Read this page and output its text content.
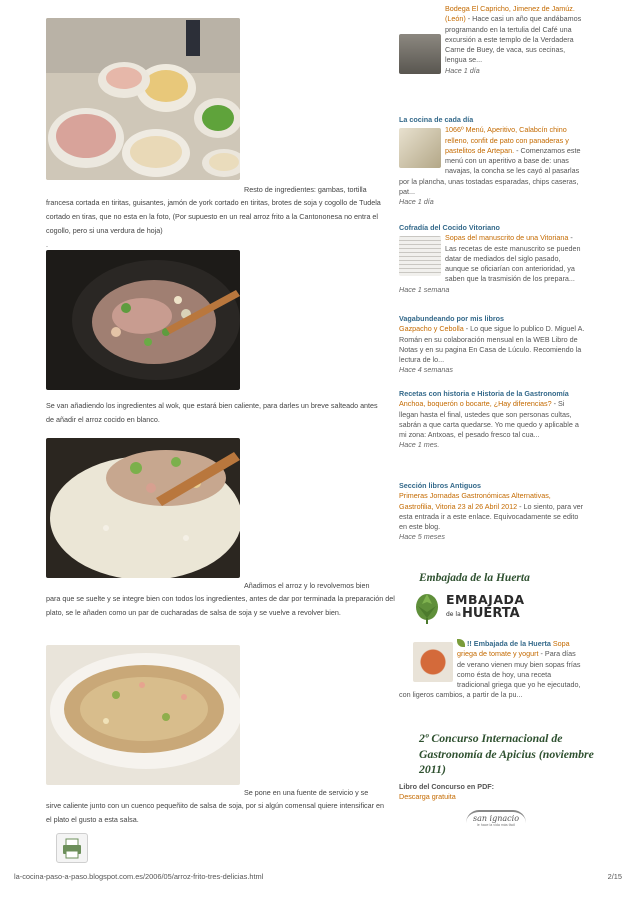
Resto de ingredientes: gambas, tortilla
francesa cortada en tiritas, guisantes, jamón de york cortado en tiritas, brotes de soja y cogollo de Tudela cortado en tiras, que no esta en la foto, (Por supuesto en un real arroz frito a la Cantononesa no entra el cogollo, pero si una verdura de hoja)
.
Se van añadiendo los ingredientes al wok, que estará bien caliente, para darles un breve salteado antes de añadir el arroz cocido en blanco.
Añadimos el arroz y lo revolvemos bien
para que se suelte y se integre bien con todos los ingredientes, antes de dar por terminada la preparación del plato, se le añaden como un par de cucharadas de salsa de soja y se vuelve a revolver bien.
Se pone en una fuente de servicio y se
sirve caliente junto con un cuenco pequeñito de salsa de soja, por si algún comensal quiere intensificar en el plato el gusto a esta salsa.
Bodega El Capricho, Jimenez de Jamúz. (León) - Hace casi un año que andábamos programando en la tertulia del Café una excursión a este templo de la Verdadera Carne de Buey, de vaca, sus cecinas, lengua se...
Hace 1 día
La cocina de cada día
1066º Menú, Aperitivo, Calabcín chino relleno, confit de pato con panaderas y pastelitos de Artepan. - Comenzamos este menú con un aperitivo a base de: unas navajas, la concha se les cayó al pasarlas por la plancha, unas tostadas esparadas, chips caseras, pat...
Hace 1 día
Cofradía del Cocido Vitoriano
Sopas del manuscrito de una Vitoriana - Las recetas de este manuscrito se pueden datar de mediados del siglo pasado, aunque se oficiarían con anterioridad, ya saben que la trasmisión de los prepara...
Hace 1 semana
Vagabundeando por mis libros
Gazpacho y Cebolla - Lo que sigue lo publico D. Miguel A. Román en su colaboración mensual en la WEB Libro de Notas y en su pagina En Casa de Lúculo. Recomiendo la lectura de lo...
Hace 4 semanas
Recetas con historia e Historia de la Gastronomía
Anchoa, boquerón o bocarte, ¿Hay diferencias? - Si llegan hasta el final, ustedes que son personas cultas, sabrán a que carta quedarse. Yo me quedo y aplicable a mi zona: Antxoas, el pesado fresco tal cua...
Hace 1 mes.
Sección libros Antiguos
Primeras Jornadas Gastronómicas Alternativas, Gastrofilia, Vitoria 23 al 26 Abril 2012 - Lo siento, para ver esta entrada ir a este enlace. Equivocadamente se edito en este blog.
Hace 5 meses
Embajada de la Huerta
EMBAJADA
de la HUERTA
!! Embajada de la Huerta Sopa griega de tomate y yogurt - Para días de verano vienen muy bien sopas frías como ésta de hoy, una receta tradicional griega que yo he ejecutado, con ligeros cambios, a partir de la pu...
2º Concurso Internacional de Gastronomía de Apicius (noviembre 2011)
Libro del Concurso en PDF:
Descarga gratuita
san ignacio
le hace la vida más fácil
la-cocina-paso-a-paso.blogspot.com.es/2006/05/arroz-frito-tres-delicias.html	2/15
